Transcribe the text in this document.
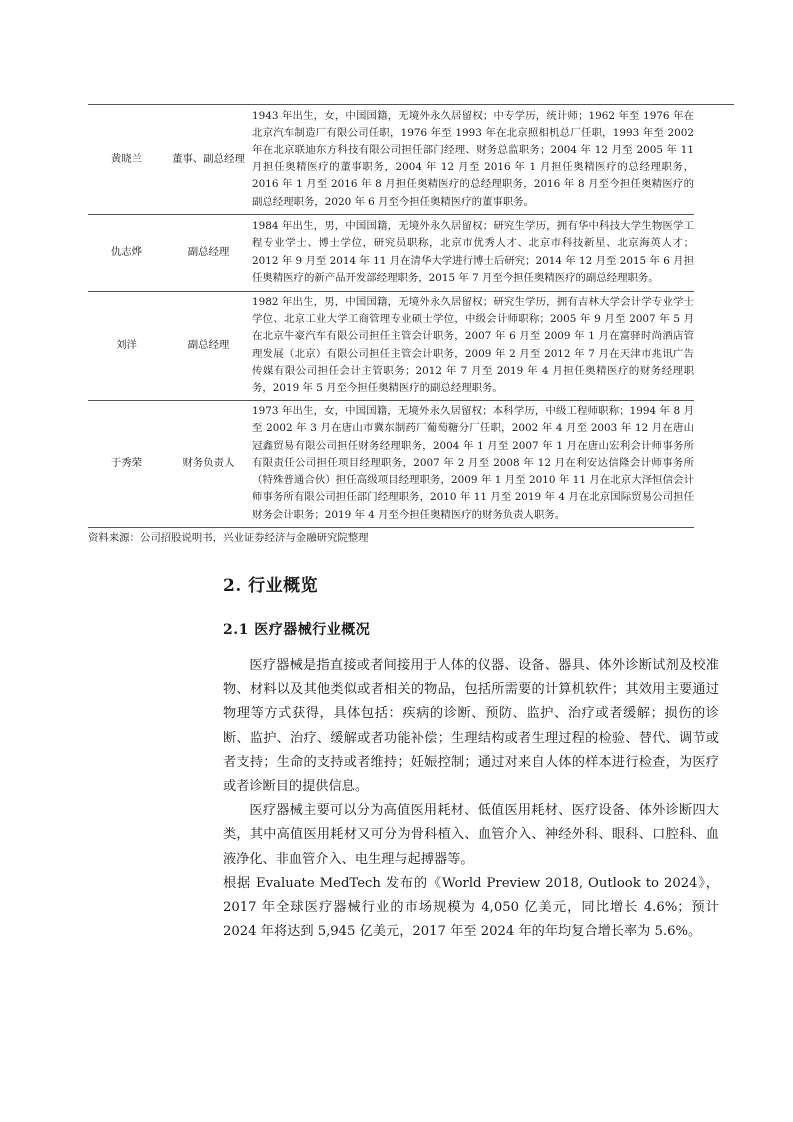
黄晓兰	董事、副总经理	1943 年出生，女，中国国籍，无境外永久居留权；中专学历，统计师；1962 年至 1976 年在北京汽车制造厂有限公司任职，1976 年至 1993 年在北京照相机总厂任职，1993 年至 2002 年在北京联迪东方科技有限公司担任部门经理、财务总监职务；2004 年 12 月至 2005 年 11 月担任奥精医疗的董事职务，2004 年 12 月至 2016 年 1 月担任奥精医疗的总经理职务，2016 年 1 月至 2016 年 8 月担任奥精医疗的总经理职务，2016 年 8 月至今担任奥精医疗的副总经理职务，2020 年 6 月至今担任奥精医疗的董事职务。
仇志烨	副总经理	1984 年出生，男，中国国籍，无境外永久居留权；研究生学历，拥有华中科技大学生物医学工程专业学士、博士学位，研究员职称，北京市优秀人才、北京市科技新星、北京海英人才；2012 年 9 月至 2014 年 11 月在清华大学进行博士后研究；2014 年 12 月至 2015 年 6 月担任奥精医疗的新产品开发部经理职务，2015 年 7 月至今担任奥精医疗的副总经理职务。
刘洋	副总经理	1982 年出生，男，中国国籍，无境外永久居留权；研究生学历，拥有吉林大学会计学专业学士学位、北京工业大学工商管理专业硕士学位，中级会计师职称；2005 年 9 月至 2007 年 5 月在北京牛豪汽车有限公司担任主管会计职务，2007 年 6 月至 2009 年 1 月在富驿时尚酒店管理发展（北京）有限公司担任主管会计职务，2009 年 2 月至 2012 年 7 月在天津市兆讯广告传媒有限公司担任会计主管职务；2012 年 7 月至 2019 年 4 月担任奥精医疗的财务经理职务，2019 年 5 月至今担任奥精医疗的副总经理职务。
于秀荣	财务负责人	1973 年出生，女，中国国籍，无境外永久居留权；本科学历，中级工程师职称；1994 年 8 月至 2002 年 3 月在唐山市冀东制药厂葡萄糖分厂任职，2002 年 4 月至 2003 年 12 月在唐山冠鑫贸易有限公司担任财务经理职务，2004 年 1 月至 2007 年 1 月在唐山宏利会计师事务所有限责任公司担任项目经理职务，2007 年 2 月至 2008 年 12 月在利安达信隆会计师事务所（特殊普通合伙）担任高级项目经理职务，2009 年 1 月至 2010 年 11 月在北京大泽恒信会计师事务所有限公司担任部门经理职务，2010 年 11 月至 2019 年 4 月在北京国际贸易公司担任财务会计职务；2019 年 4 月至今担任奥精医疗的财务负责人职务。
资料来源：公司招股说明书，兴业证券经济与金融研究院整理
2. 行业概览
2.1 医疗器械行业概况

医疗器械是指直接或者间接用于人体的仪器、设备、器具、体外诊断试剂及校准物、材料以及其他类似或者相关的物品，包括所需要的计算机软件；其效用主要通过物理等方式获得，具体包括：疾病的诊断、预防、监护、治疗或者缓解；损伤的诊断、监护、治疗、缓解或者功能补偿；生理结构或者生理过程的检验、替代、调节或者支持；生命的支持或者维持；妊娠控制；通过对来自人体的样本进行检查，为医疗或者诊断目的提供信息。

医疗器械主要可以分为高值医用耗材、低值医用耗材、医疗设备、体外诊断四大类，其中高值医用耗材又可分为骨科植入、血管介入、神经外科、眼科、口腔科、血液净化、非血管介入、电生理与起搏器等。

根据 Evaluate MedTech 发布的《World Preview 2018, Outlook to 2024》，2017 年全球医疗器械行业的市场规模为 4,050 亿美元，同比增长 4.6%；预计 2024 年将达到 5,945 亿美元，2017 年至 2024 年的年均复合增长率为 5.6%。
